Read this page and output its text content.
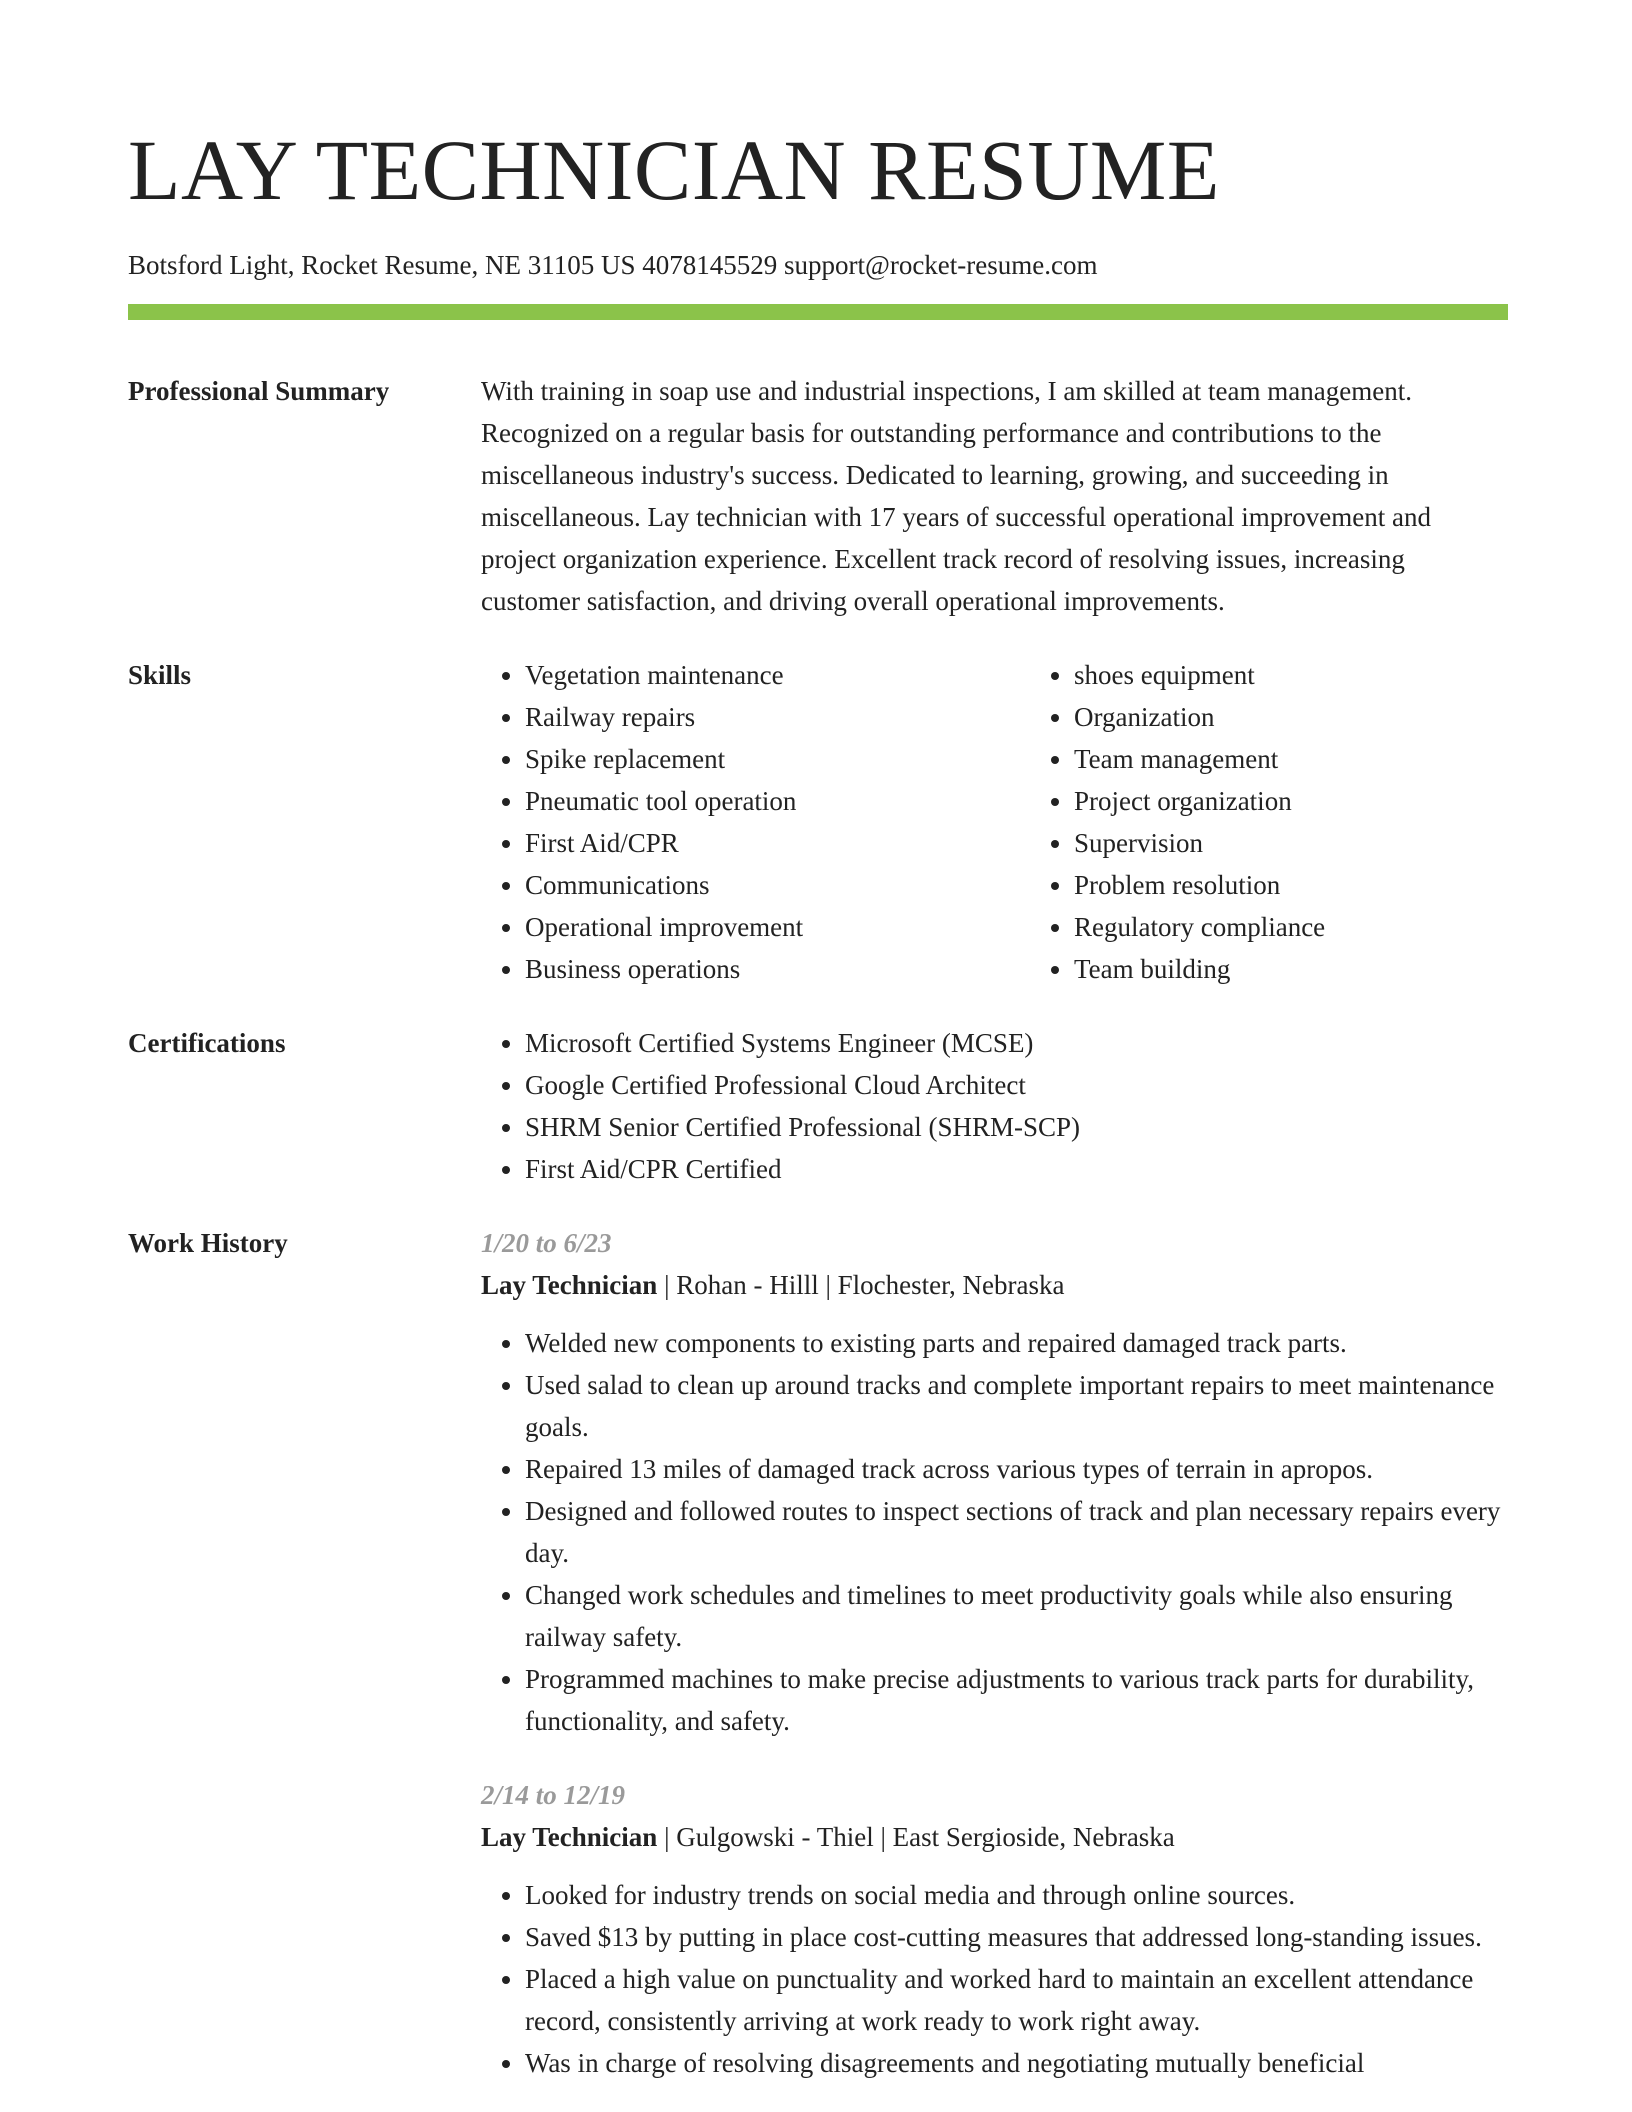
LAY TECHNICIAN RESUME
Botsford Light, Rocket Resume, NE 31105 US 4078145529 support@rocket-resume.com
Professional Summary	With training in soap use and industrial inspections, I am skilled at team management. Recognized on a regular basis for outstanding performance and contributions to the miscellaneous industry's success. Dedicated to learning, growing, and succeeding in miscellaneous. Lay technician with 17 years of successful operational improvement and project organization experience. Excellent track record of resolving issues, increasing customer satisfaction, and driving overall operational improvements.

Skills	• Vegetation maintenance
• Railway repairs
• Spike replacement
• Pneumatic tool operation
• First Aid/CPR
• Communications
• Operational improvement
• Business operations
• shoes equipment
• Organization
• Team management
• Project organization
• Supervision
• Problem resolution
• Regulatory compliance
• Team building
Certifications	• Microsoft Certified Systems Engineer (MCSE)
• Google Certified Professional Cloud Architect
• SHRM Senior Certified Professional (SHRM-SCP)
• First Aid/CPR Certified
Work History	1/20 to 6/23
Lay Technician | Rohan - Hilll | Flochester, Nebraska
• Welded new components to existing parts and repaired damaged track parts.
• Used salad to clean up around tracks and complete important repairs to meet maintenance goals.
• Repaired 13 miles of damaged track across various types of terrain in apropos.
• Designed and followed routes to inspect sections of track and plan necessary repairs every day.
• Changed work schedules and timelines to meet productivity goals while also ensuring railway safety.
• Programmed machines to make precise adjustments to various track parts for durability, functionality, and safety.
2/14 to 12/19
Lay Technician | Gulgowski - Thiel | East Sergioside, Nebraska
• Looked for industry trends on social media and through online sources.
• Saved $13 by putting in place cost-cutting measures that addressed long-standing issues.
• Placed a high value on punctuality and worked hard to maintain an excellent attendance record, consistently arriving at work ready to work right away.
• Was in charge of resolving disagreements and negotiating mutually beneficial
